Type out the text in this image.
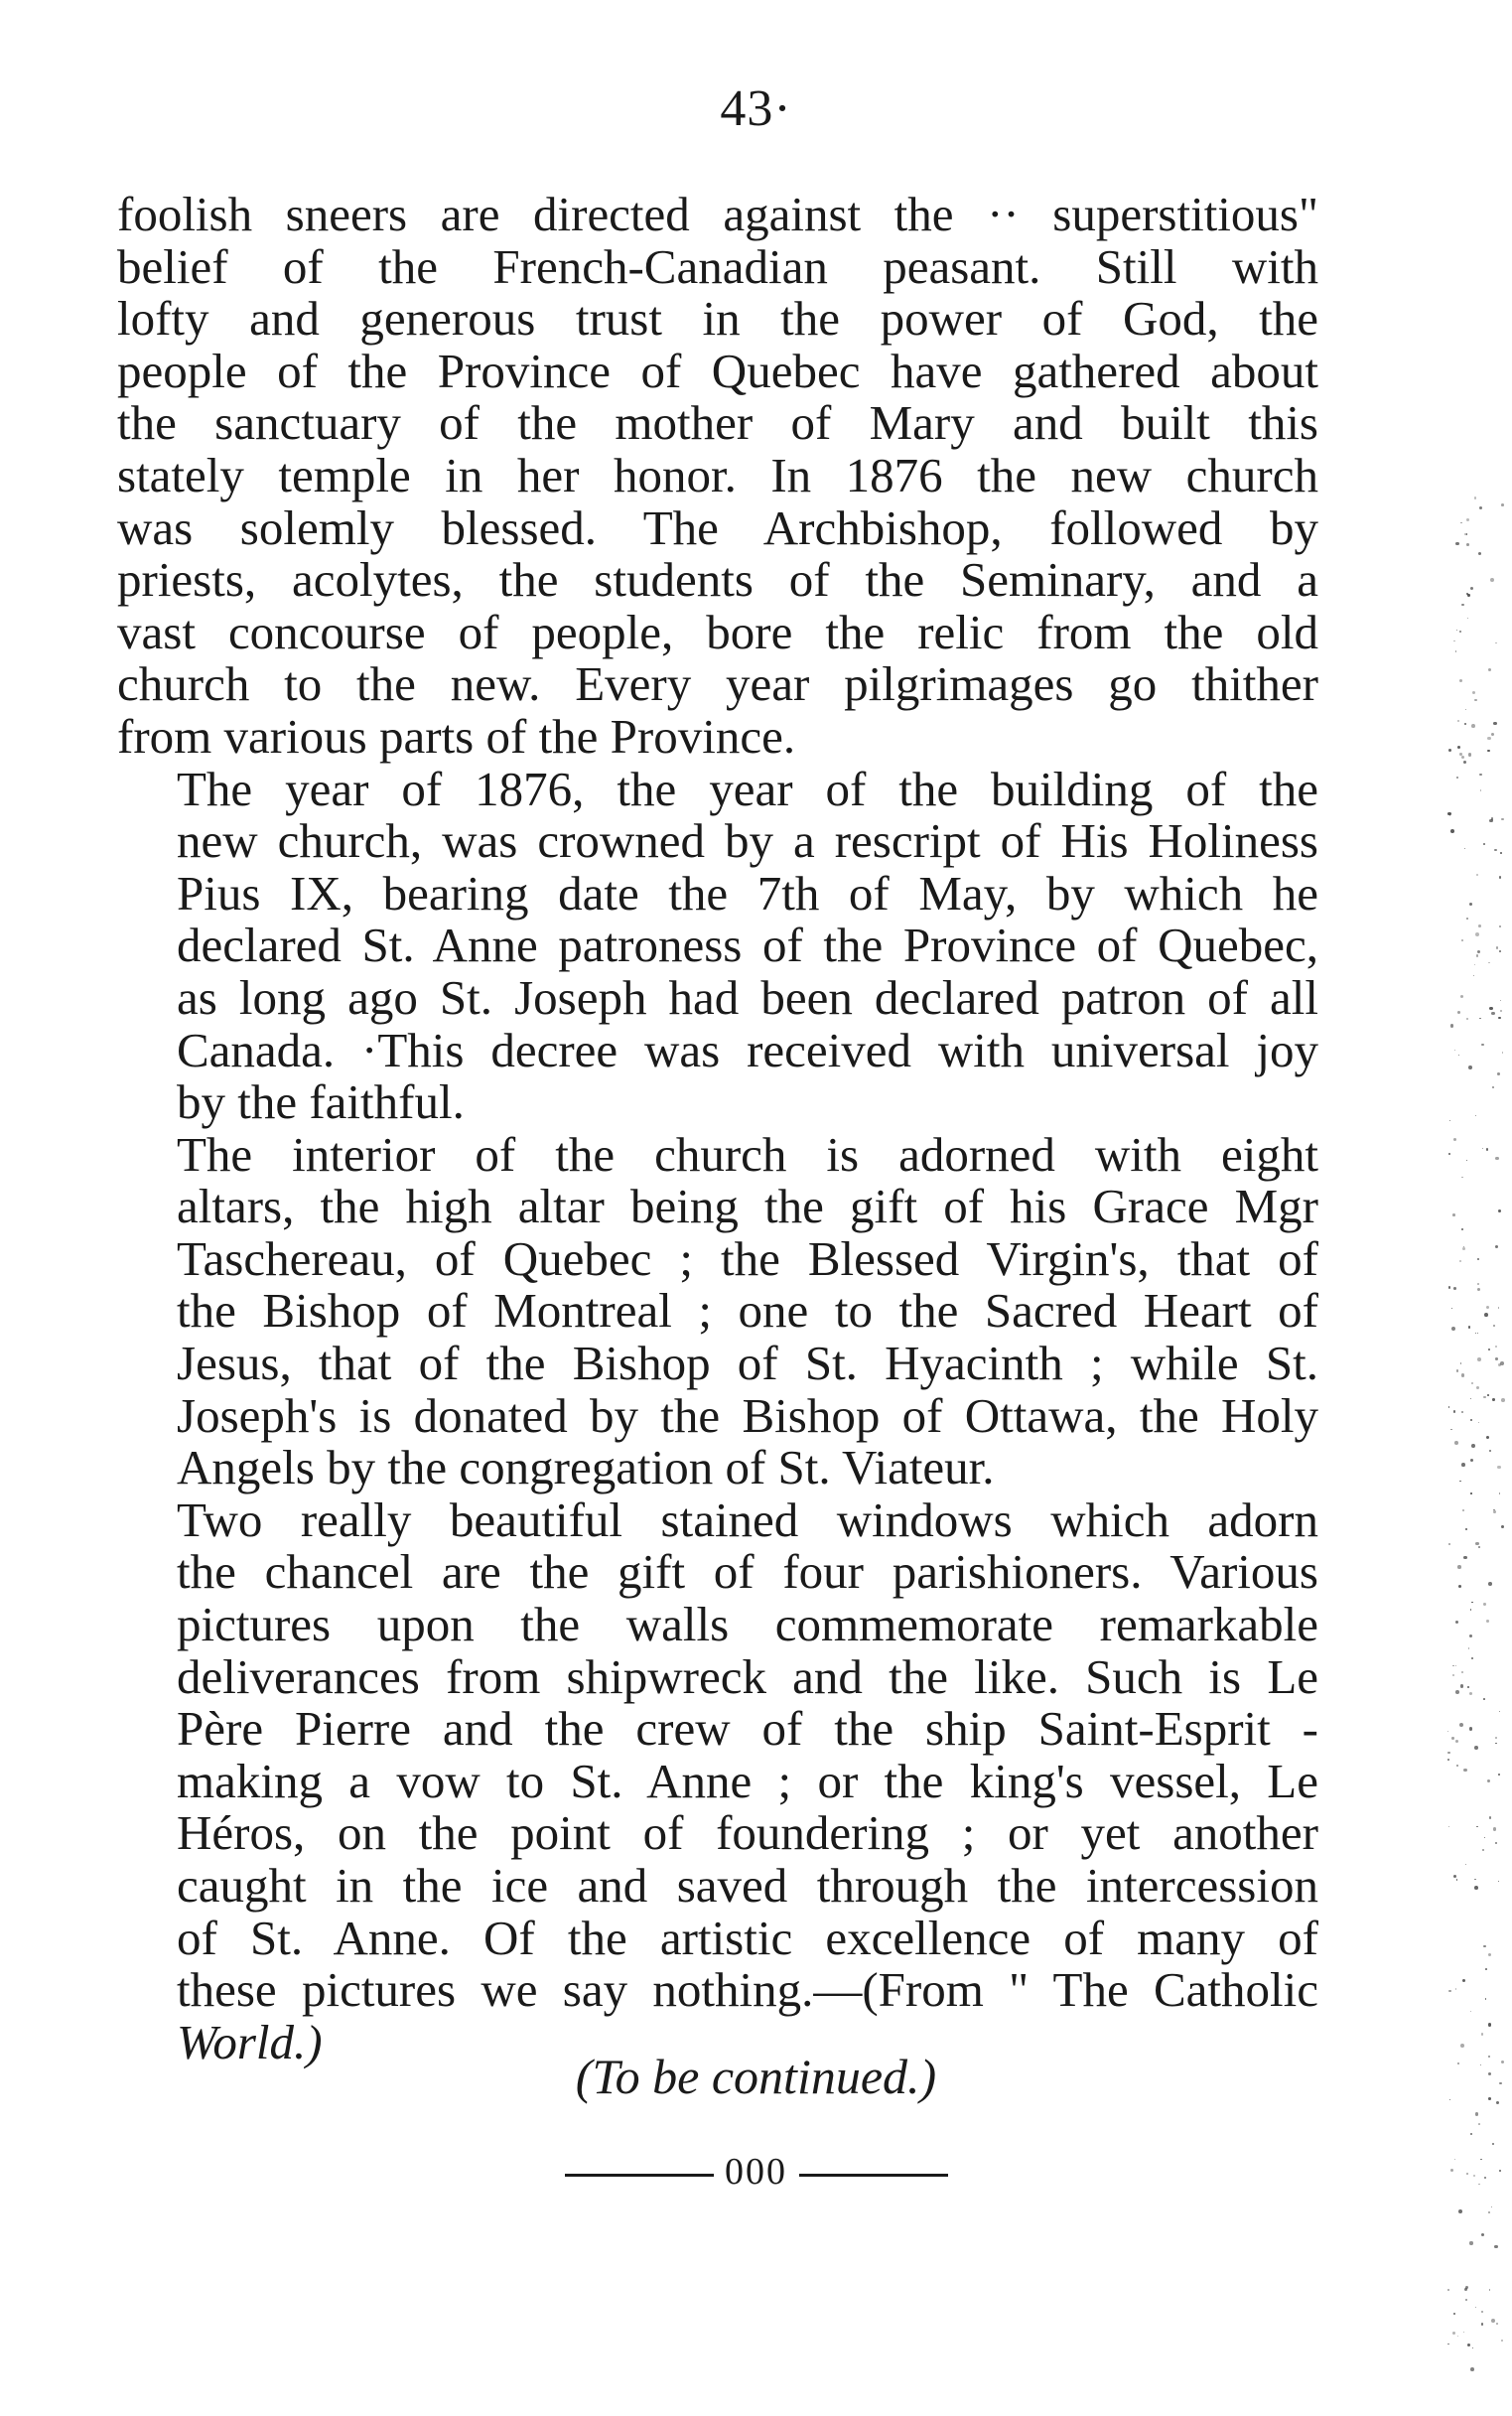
43·

foolish sneers are directed against the ·· superstitious"
belief of the French-Canadian peasant. Still with
lofty and generous trust in the power of God, the
people of the Province of Quebec have gathered about
the sanctuary of the mother of Mary and built this
stately temple in her honor. In 1876 the new church
was solemly blessed. The Archbishop, followed by
priests, acolytes, the students of the Seminary, and a
vast concourse of people, bore the relic from the old
church to the new. Every year pilgrimages go thither
from various parts of the Province.

The year of 1876, the year of the building of the
new church, was crowned by a rescript of His Holiness
Pius IX, bearing date the 7th of May, by which he
declared St. Anne patroness of the Province of Quebec,
as long ago St. Joseph had been declared patron of all
Canada. ·This decree was received with universal joy
by the faithful.

The interior of the church is adorned with eight
altars, the high altar being the gift of his Grace Mgr
Taschereau, of Quebec ; the Blessed Virgin's, that of
the Bishop of Montreal ; one to the Sacred Heart of
Jesus, that of the Bishop of St. Hyacinth ; while St.
Joseph's is donated by the Bishop of Ottawa, the Holy
Angels by the congregation of St. Viateur.

Two really beautiful stained windows which adorn
the chancel are the gift of four parishioners. Various
pictures upon the walls commemorate remarkable
deliverances from shipwreck and the like. Such is Le
Père Pierre and the crew of the ship Saint-Esprit -
making a vow to St. Anne ; or the king's vessel, Le
Héros, on the point of foundering ; or yet another
caught in the ice and saved through the intercession
of St. Anne. Of the artistic excellence of many of
these pictures we say nothing.—(From " The Catholic
World.)

(To be continued.)
000
